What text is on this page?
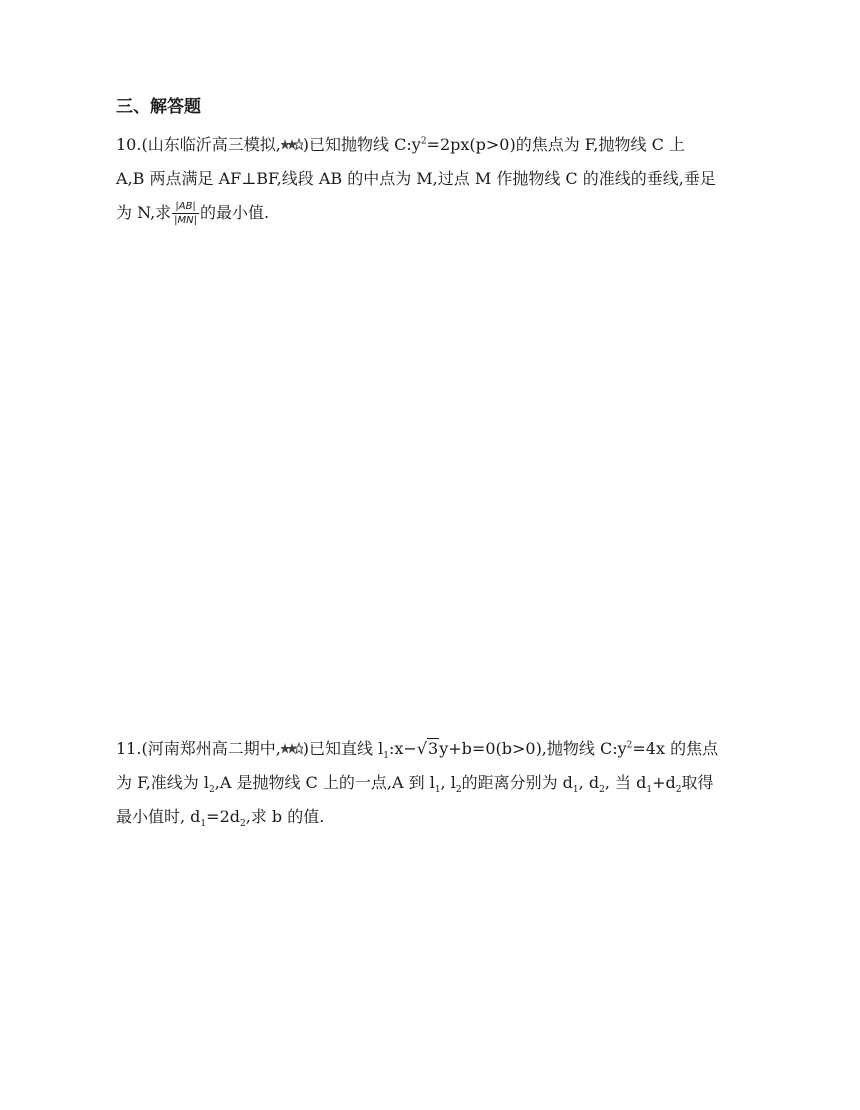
三、解答题
10.(山东临沂高三模拟, )已知抛物线 $C:y^2=2px(p>0)$的焦点为 F,抛物线 C 上
A,B 两点满足 AF⊥BF,线段 AB 的中点为 M,过点 M 作抛物线 C 的准线的垂线,垂足
为 N,求 $\frac{|AB|}{|MN|}$ 的最小值.
11.(河南郑州高二期中, )已知直线 $l_1:x-√3y+b=0(b>0)$,抛物线 $C:y^2=4x$ 的焦点
为 F,准线为 $l_2,A$ 是抛物线 C 上的一点,A 到 $l_1$, $l_2$的距离分别为 $d_1$, $d_2$, 当 $d_1+d_2$取得
最小值时, $d_1=2d_2$,求 b 的值.
